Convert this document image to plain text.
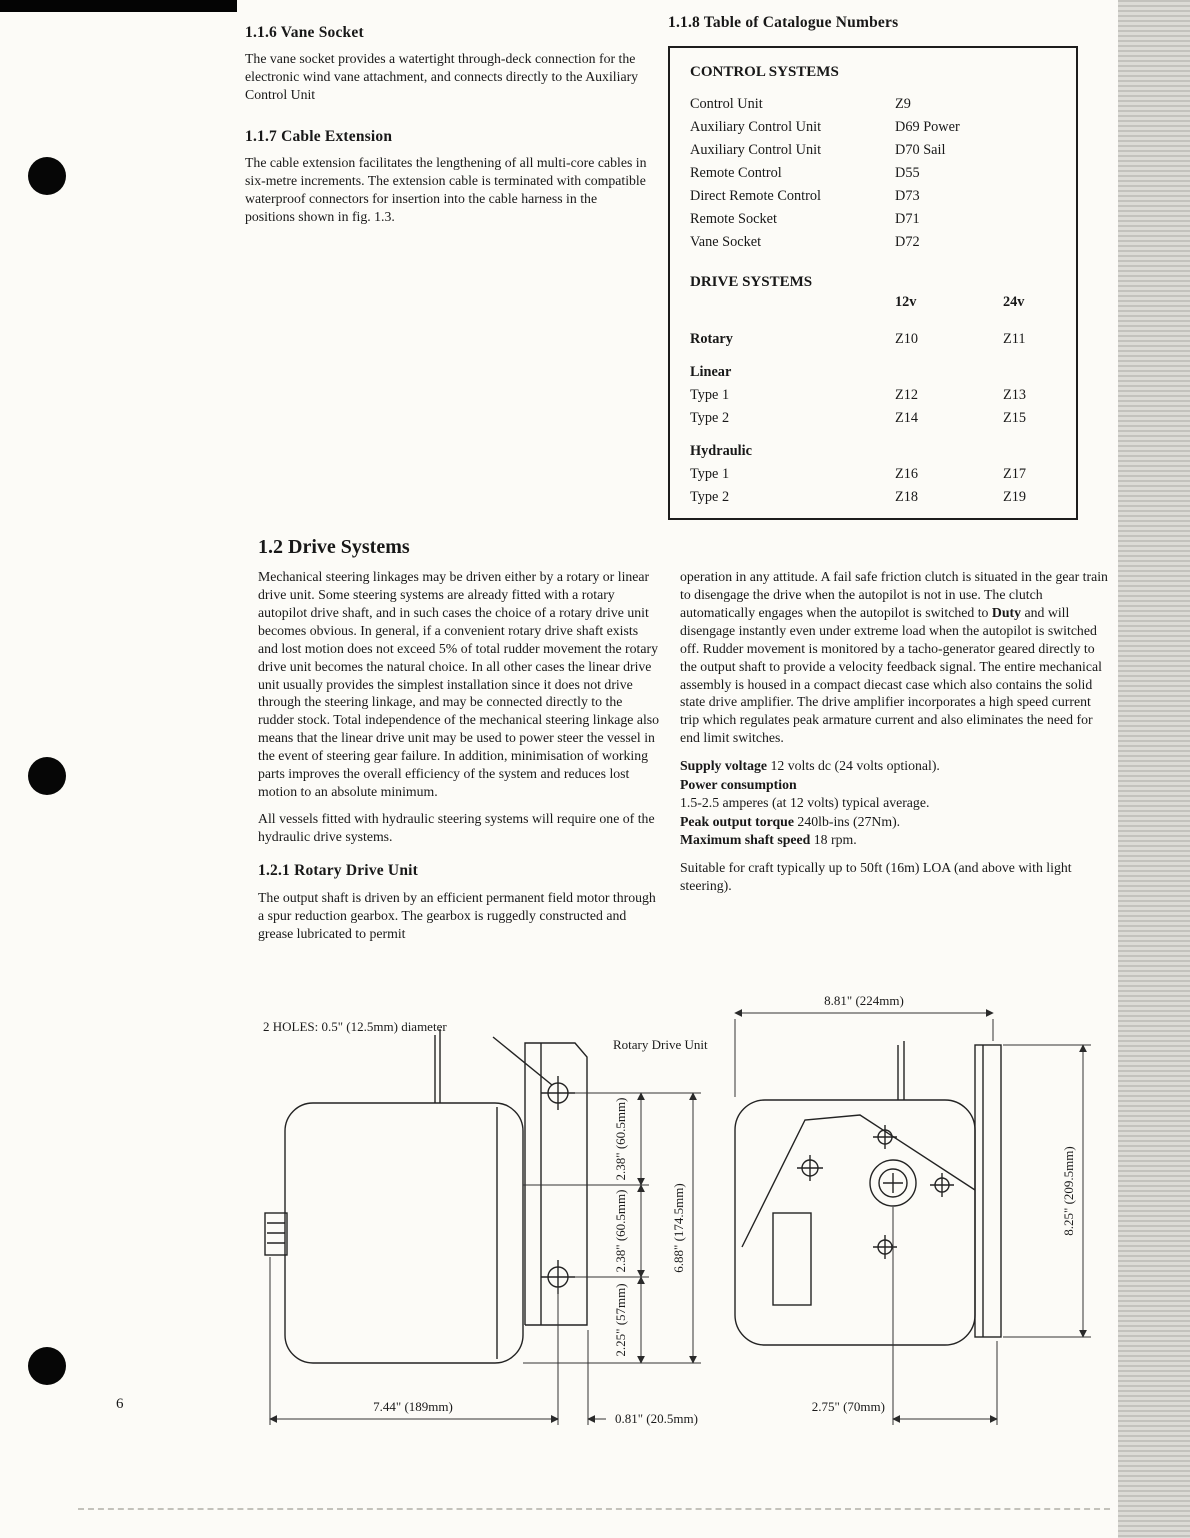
1.1.6 Vane Socket

The vane socket provides a watertight through-deck connection for the electronic wind vane attachment, and connects directly to the Auxiliary Control Unit

1.1.7 Cable Extension

The cable extension facilitates the lengthening of all multi-core cables in six-metre increments. The extension cable is terminated with compatible waterproof connectors for insertion into the cable harness in the positions shown in fig. 1.3.

1.1.8 Table of Catalogue Numbers
CONTROL SYSTEMS
Control Unit	Z9
Auxiliary Control Unit	D69 Power
Auxiliary Control Unit	D70 Sail
Remote Control	D55
Direct Remote Control	D73
Remote Socket	D71
Vane Socket	D72
DRIVE SYSTEMS
12v	24v
Rotary	Z10	Z11
Linear
Type 1	Z12	Z13
Type 2	Z14	Z15
Hydraulic
Type 1	Z16	Z17
Type 2	Z18	Z19
1.2 Drive Systems

Mechanical steering linkages may be driven either by a rotary or linear drive unit. Some steering systems are already fitted with a rotary autopilot drive shaft, and in such cases the choice of a rotary drive unit becomes obvious. In general, if a convenient rotary drive shaft exists and lost motion does not exceed 5% of total rudder movement the rotary drive unit becomes the natural choice. In all other cases the linear drive unit usually provides the simplest installation since it does not drive through the steering linkage, and may be connected directly to the rudder stock. Total independence of the mechanical steering linkage also means that the linear drive unit may be used to power steer the vessel in the event of steering gear failure. In addition, minimisation of working parts improves the overall efficiency of the system and reduces lost motion to an absolute minimum.

All vessels fitted with hydraulic steering systems will require one of the hydraulic drive systems.

1.2.1 Rotary Drive Unit

The output shaft is driven by an efficient permanent field motor through a spur reduction gearbox. The gearbox is ruggedly constructed and grease lubricated to permit

operation in any attitude. A fail safe friction clutch is situated in the gear train to disengage the drive when the autopilot is not in use. The clutch automatically engages when the autopilot is switched to Duty and will disengage instantly even under extreme load when the autopilot is switched off. Rudder movement is monitored by a tacho-generator geared directly to the output shaft to provide a velocity feedback signal. The entire mechanical assembly is housed in a compact diecast case which also contains the solid state drive amplifier. The drive amplifier incorporates a high speed current trip which regulates peak armature current and also eliminates the need for end limit switches.

Supply voltage 12 volts dc (24 volts optional).
Power consumption
1.5-2.5 amperes (at 12 volts) typical average.
Peak output torque 240lb-ins (27Nm).
Maximum shaft speed 18 rpm.

Suitable for craft typically up to 50ft (16m) LOA (and above with light steering).

2 HOLES: 0.5" (12.5mm) diameter
Rotary Drive Unit
8.81" (224mm)
2.38" (60.5mm)
2.38" (60.5mm)
2.25" (57mm)
6.88" (174.5mm)	8.25" (209.5mm)
7.44" (189mm)
0.81" (20.5mm)
2.75" (70mm)
6
